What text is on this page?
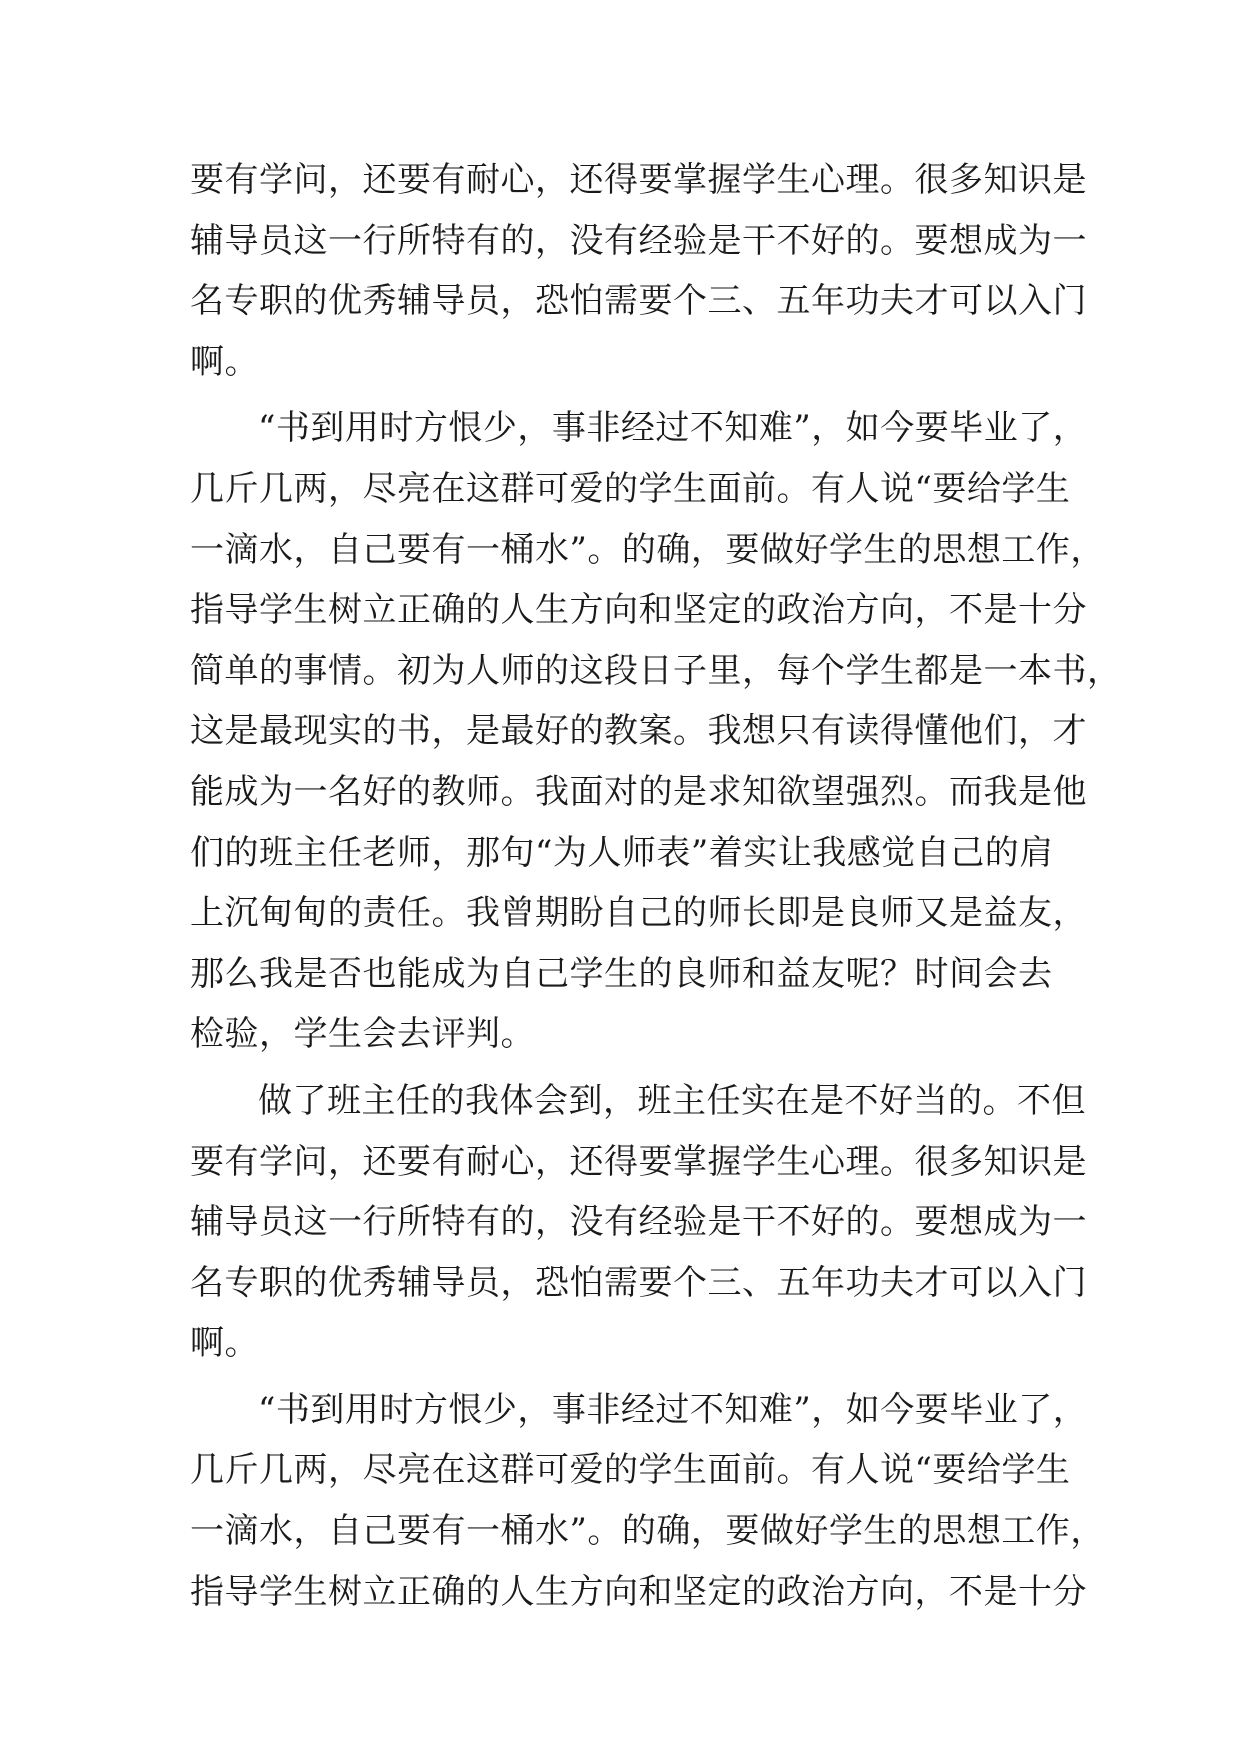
要有学问，还要有耐心，还得要掌握学生心理。很多知识是
辅导员这一行所特有的，没有经验是干不好的。要想成为一
名专职的优秀辅导员，恐怕需要个三、五年功夫才可以入门
啊。
“书到用时方恨少，事非经过不知难”，如今要毕业了，
几斤几两，尽亮在这群可爱的学生面前。有人说“要给学生
一滴水，自己要有一桶水”。的确，要做好学生的思想工作，
指导学生树立正确的人生方向和坚定的政治方向，不是十分
简单的事情。初为人师的这段日子里，每个学生都是一本书，
这是最现实的书，是最好的教案。我想只有读得懂他们，才
能成为一名好的教师。我面对的是求知欲望强烈。而我是他
们的班主任老师，那句“为人师表”着实让我感觉自己的肩
上沉甸甸的责任。我曾期盼自己的师长即是良师又是益友，
那么我是否也能成为自己学生的良师和益友呢？时间会去
检验，学生会去评判。
做了班主任的我体会到，班主任实在是不好当的。不但
要有学问，还要有耐心，还得要掌握学生心理。很多知识是
辅导员这一行所特有的，没有经验是干不好的。要想成为一
名专职的优秀辅导员，恐怕需要个三、五年功夫才可以入门
啊。
“书到用时方恨少，事非经过不知难”，如今要毕业了，
几斤几两，尽亮在这群可爱的学生面前。有人说“要给学生
一滴水，自己要有一桶水”。的确，要做好学生的思想工作，
指导学生树立正确的人生方向和坚定的政治方向，不是十分
